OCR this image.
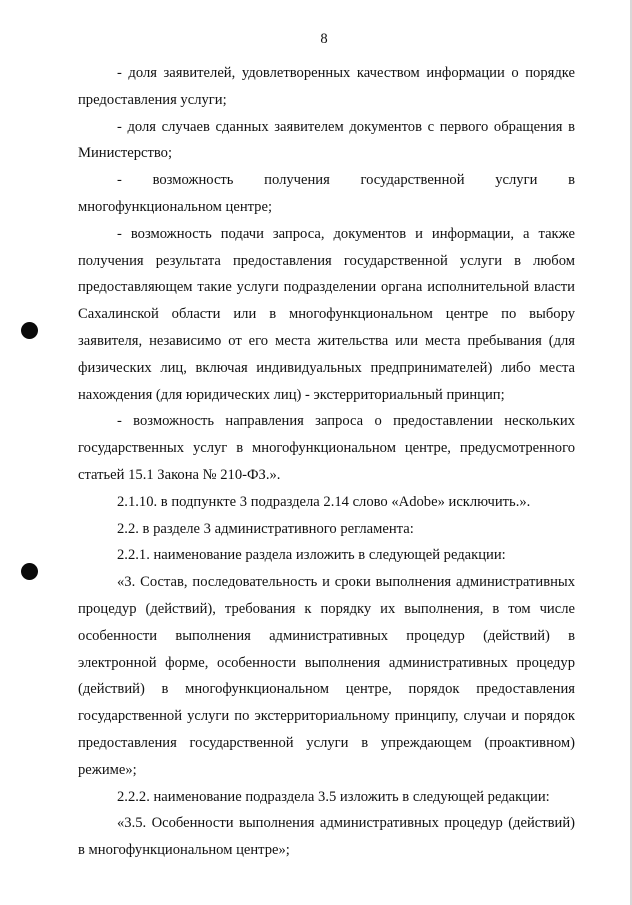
8

- доля заявителей, удовлетворенных качеством информации о порядке предоставления услуги;

- доля случаев сданных заявителем документов с первого обращения в Министерство;

- возможность получения государственной услуги в многофункциональном центре;

- возможность подачи запроса, документов и информации, а также получения результата предоставления государственной услуги в любом предоставляющем такие услуги подразделении органа исполнительной власти Сахалинской области или в многофункциональном центре по выбору заявителя, независимо от его места жительства или места пребывания (для физических лиц, включая индивидуальных предпринимателей) либо места нахождения (для юридических лиц) - экстерриториальный принцип;

- возможность направления запроса о предоставлении нескольких государственных услуг в многофункциональном центре, предусмотренного статьей 15.1 Закона № 210-ФЗ.».

2.1.10. в подпункте 3 подраздела 2.14 слово «Adobe» исключить.».

2.2. в разделе 3 административного регламента:

2.2.1. наименование раздела изложить в следующей редакции:

«3. Состав, последовательность и сроки выполнения административных процедур (действий), требования к порядку их выполнения, в том числе особенности выполнения административных процедур (действий) в электронной форме, особенности выполнения административных процедур (действий) в многофункциональном центре, порядок предоставления государственной услуги по экстерриториальному принципу, случаи и порядок предоставления государственной услуги в упреждающем (проактивном) режиме»;

2.2.2. наименование подраздела 3.5 изложить в следующей редакции:

«3.5. Особенности выполнения административных процедур (действий) в многофункциональном центре»;
